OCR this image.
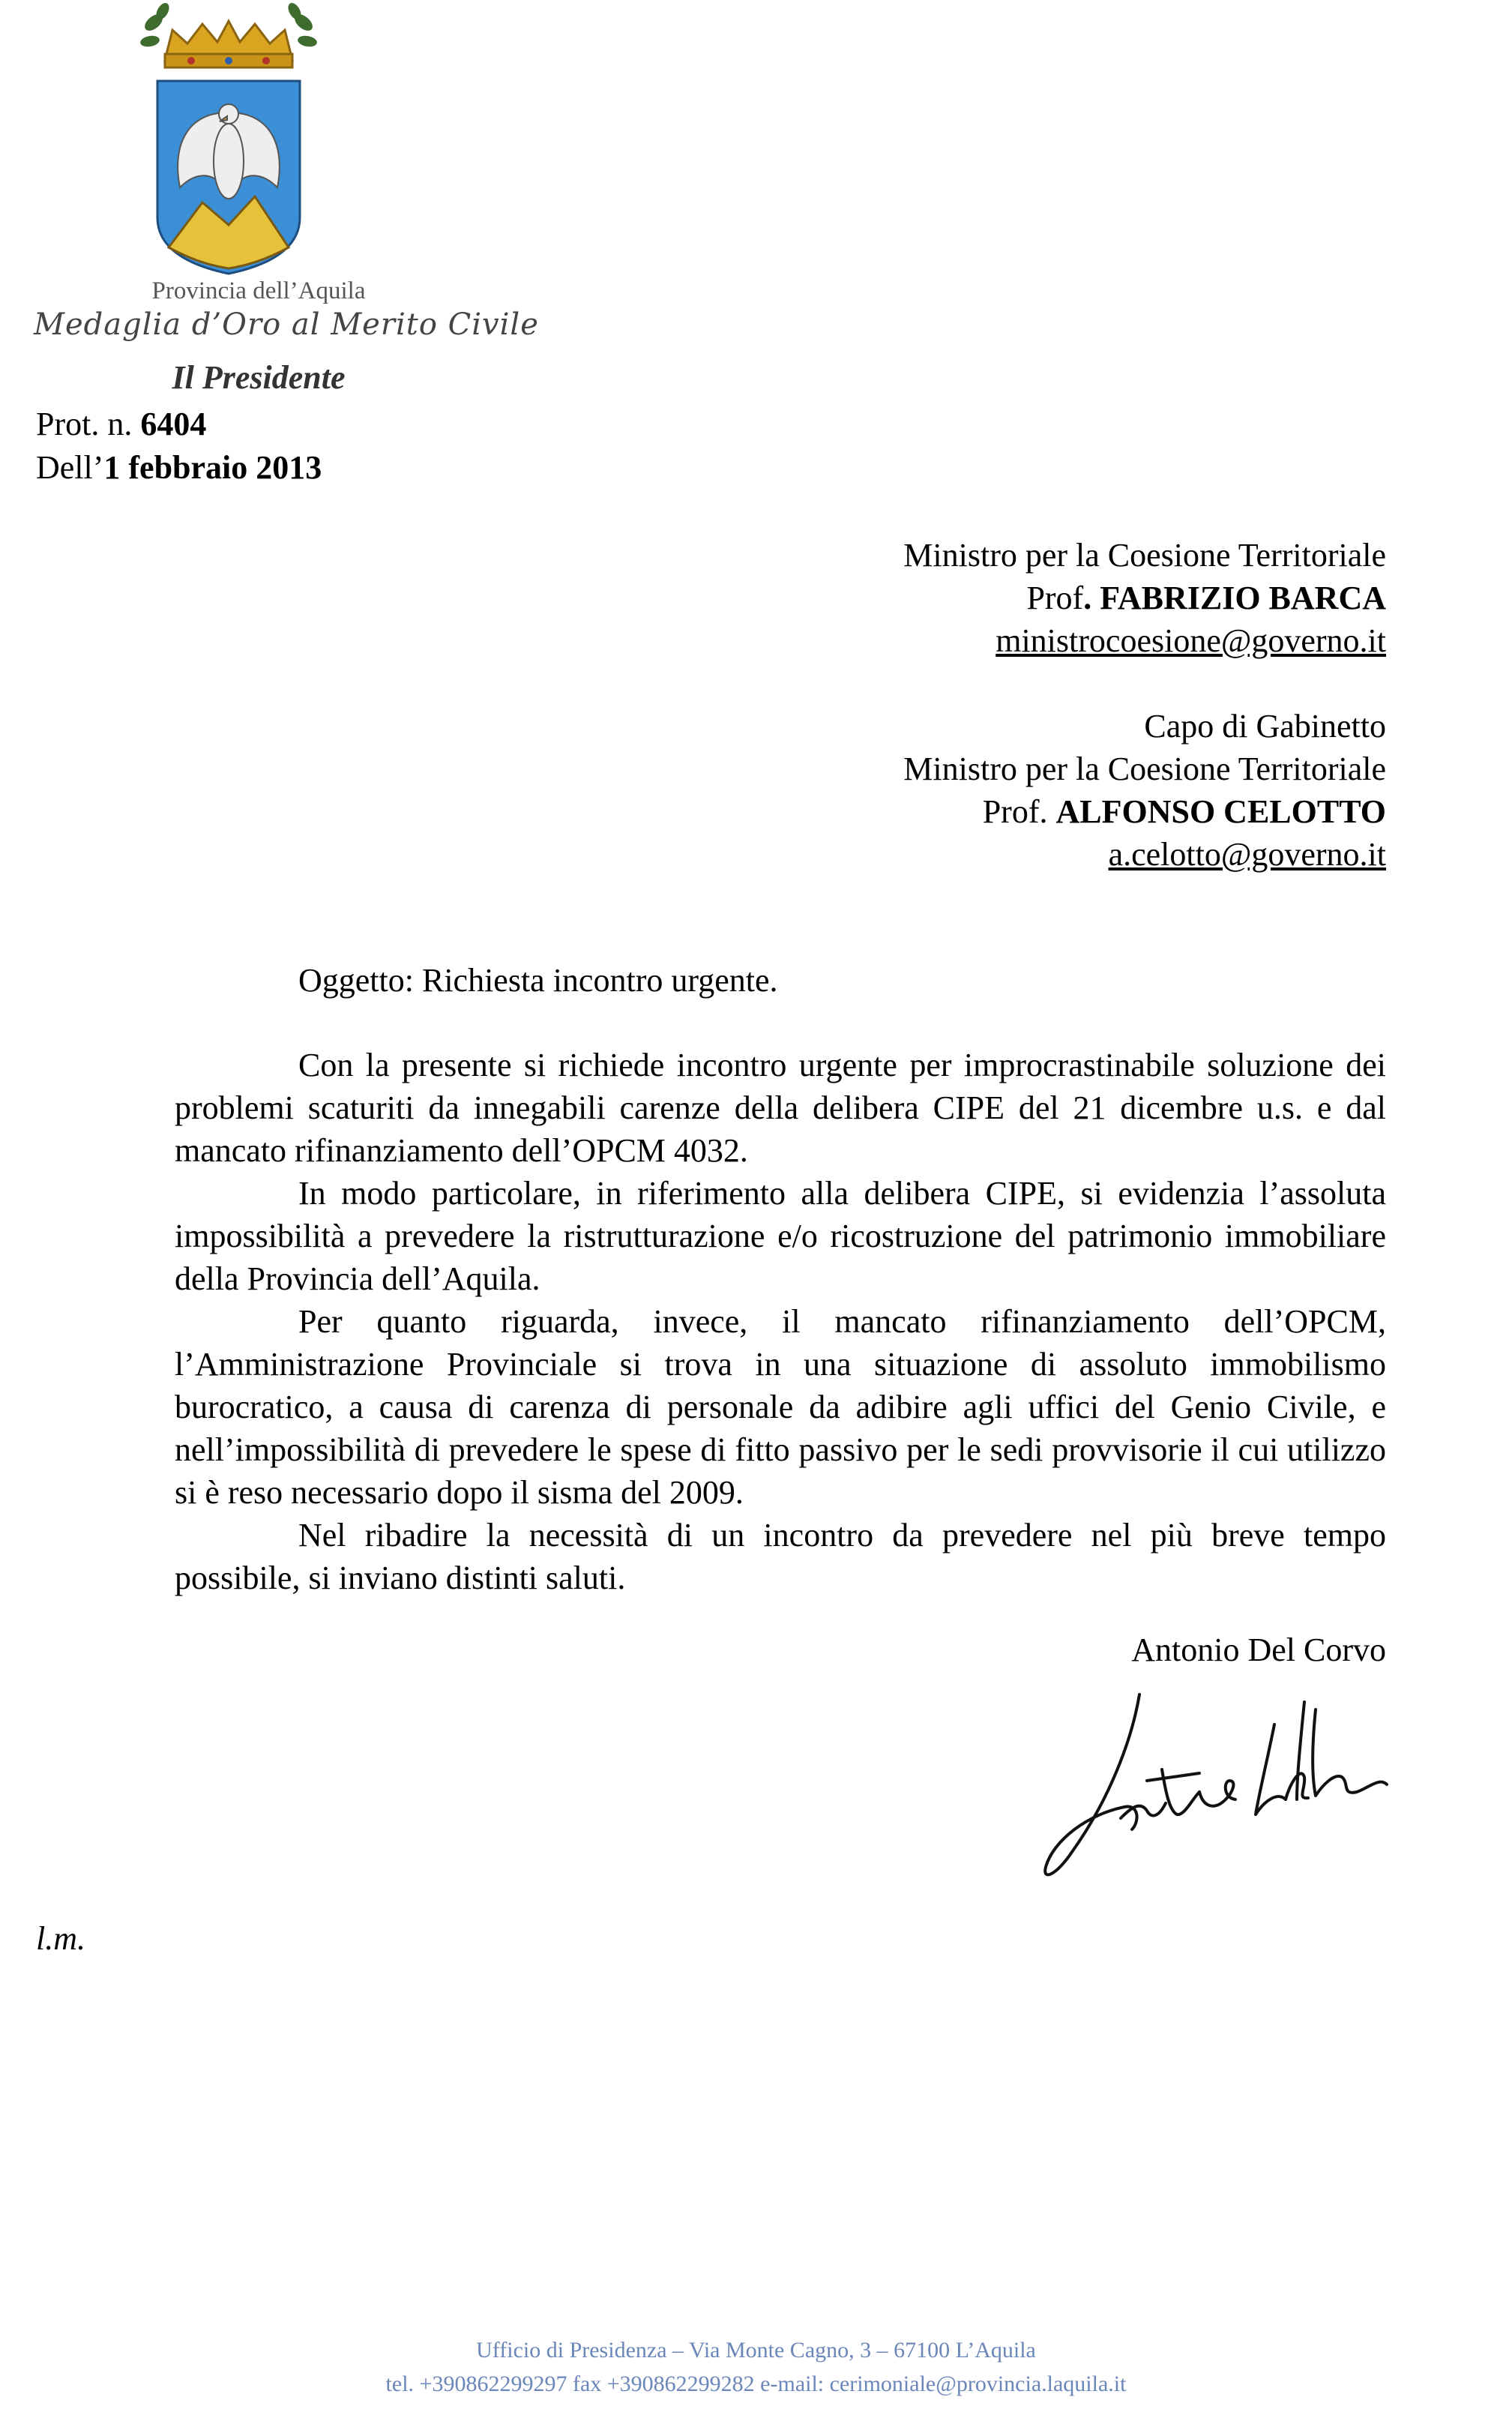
Provincia dell’Aquila
Medaglia d’Oro al Merito Civile
Il Presidente
Prot. n. 6404
Dell’1 febbraio 2013
Ministro per la Coesione Territoriale
Prof. FABRIZIO BARCA
ministrocoesione@governo.it
Capo di Gabinetto
Ministro per la Coesione Territoriale
Prof. ALFONSO CELOTTO
a.celotto@governo.it
Oggetto: Richiesta incontro urgente.

Con la presente si richiede incontro urgente per improcrastinabile soluzione dei problemi scaturiti da innegabili carenze della delibera CIPE del 21 dicembre u.s. e dal mancato rifinanziamento dell’OPCM 4032.

In modo particolare, in riferimento alla delibera CIPE, si evidenzia l’assoluta impossibilità a prevedere la ristrutturazione e/o ricostruzione del patrimonio immobiliare della Provincia dell’Aquila.

Per quanto riguarda, invece, il mancato rifinanziamento dell’OPCM, l’Amministrazione Provinciale si trova in una situazione di assoluto immobilismo burocratico, a causa di carenza di personale da adibire agli uffici del Genio Civile, e nell’impossibilità di prevedere le spese di fitto passivo per le sedi provvisorie il cui utilizzo si è reso necessario dopo il sisma del 2009.

Nel ribadire la necessità di un incontro da prevedere nel più breve tempo possibile, si inviano distinti saluti.

Antonio Del Corvo
l.m.
Ufficio di Presidenza – Via Monte Cagno, 3 – 67100 L’Aquila
tel. +390862299297 fax +390862299282 e-mail: cerimoniale@provincia.laquila.it
